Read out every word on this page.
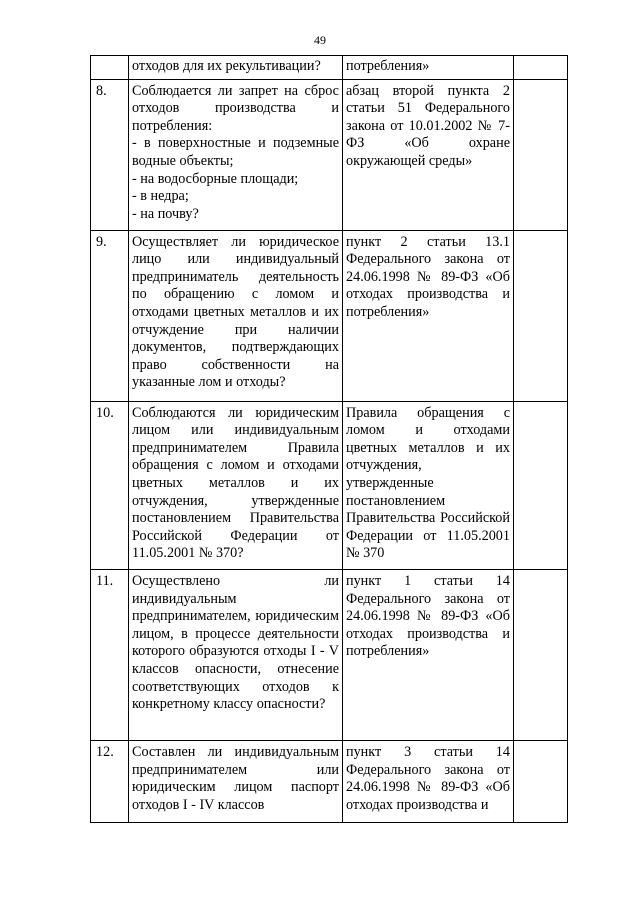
49
	отходов для их рекультивации?	потребления»	
8.	Соблюдается ли запрет на сброс отходов производства и потребления:
- в поверхностные и подземные водные объекты;
- на водосборные площади;
- в недра;
- на почву?	абзац второй пункта 2 статьи 51 Федерального закона от 10.01.2002 № 7-ФЗ «Об охране окружающей среды»	
9.	Осуществляет ли юридическое лицо или индивидуальный предприниматель деятельность по обращению с ломом и отходами цветных металлов и их отчуждение при наличии документов, подтверждающих право собственности на указанные лом и отходы?	пункт 2 статьи 13.1 Федерального закона от 24.06.1998 № 89-ФЗ «Об отходах производства и потребления»	
10.	Соблюдаются ли юридическим лицом или индивидуальным предпринимателем Правила обращения с ломом и отходами цветных металлов и их отчуждения, утвержденные постановлением Правительства Российской Федерации от 11.05.2001 № 370?	Правила обращения с ломом и отходами цветных металлов и их отчуждения, утвержденные постановлением Правительства Российской Федерации от 11.05.2001 № 370	
11.	Осуществлено ли индивидуальным предпринимателем, юридическим лицом, в процессе деятельности которого образуются отходы I - V классов опасности, отнесение соответствующих отходов к конкретному классу опасности?	пункт 1 статьи 14 Федерального закона от 24.06.1998 № 89-ФЗ «Об отходах производства и потребления»	
12.	Составлен ли индивидуальным предпринимателем или юридическим лицом паспорт отходов I - IV классов	пункт 3 статьи 14 Федерального закона от 24.06.1998 № 89-ФЗ «Об отходах производства и	
